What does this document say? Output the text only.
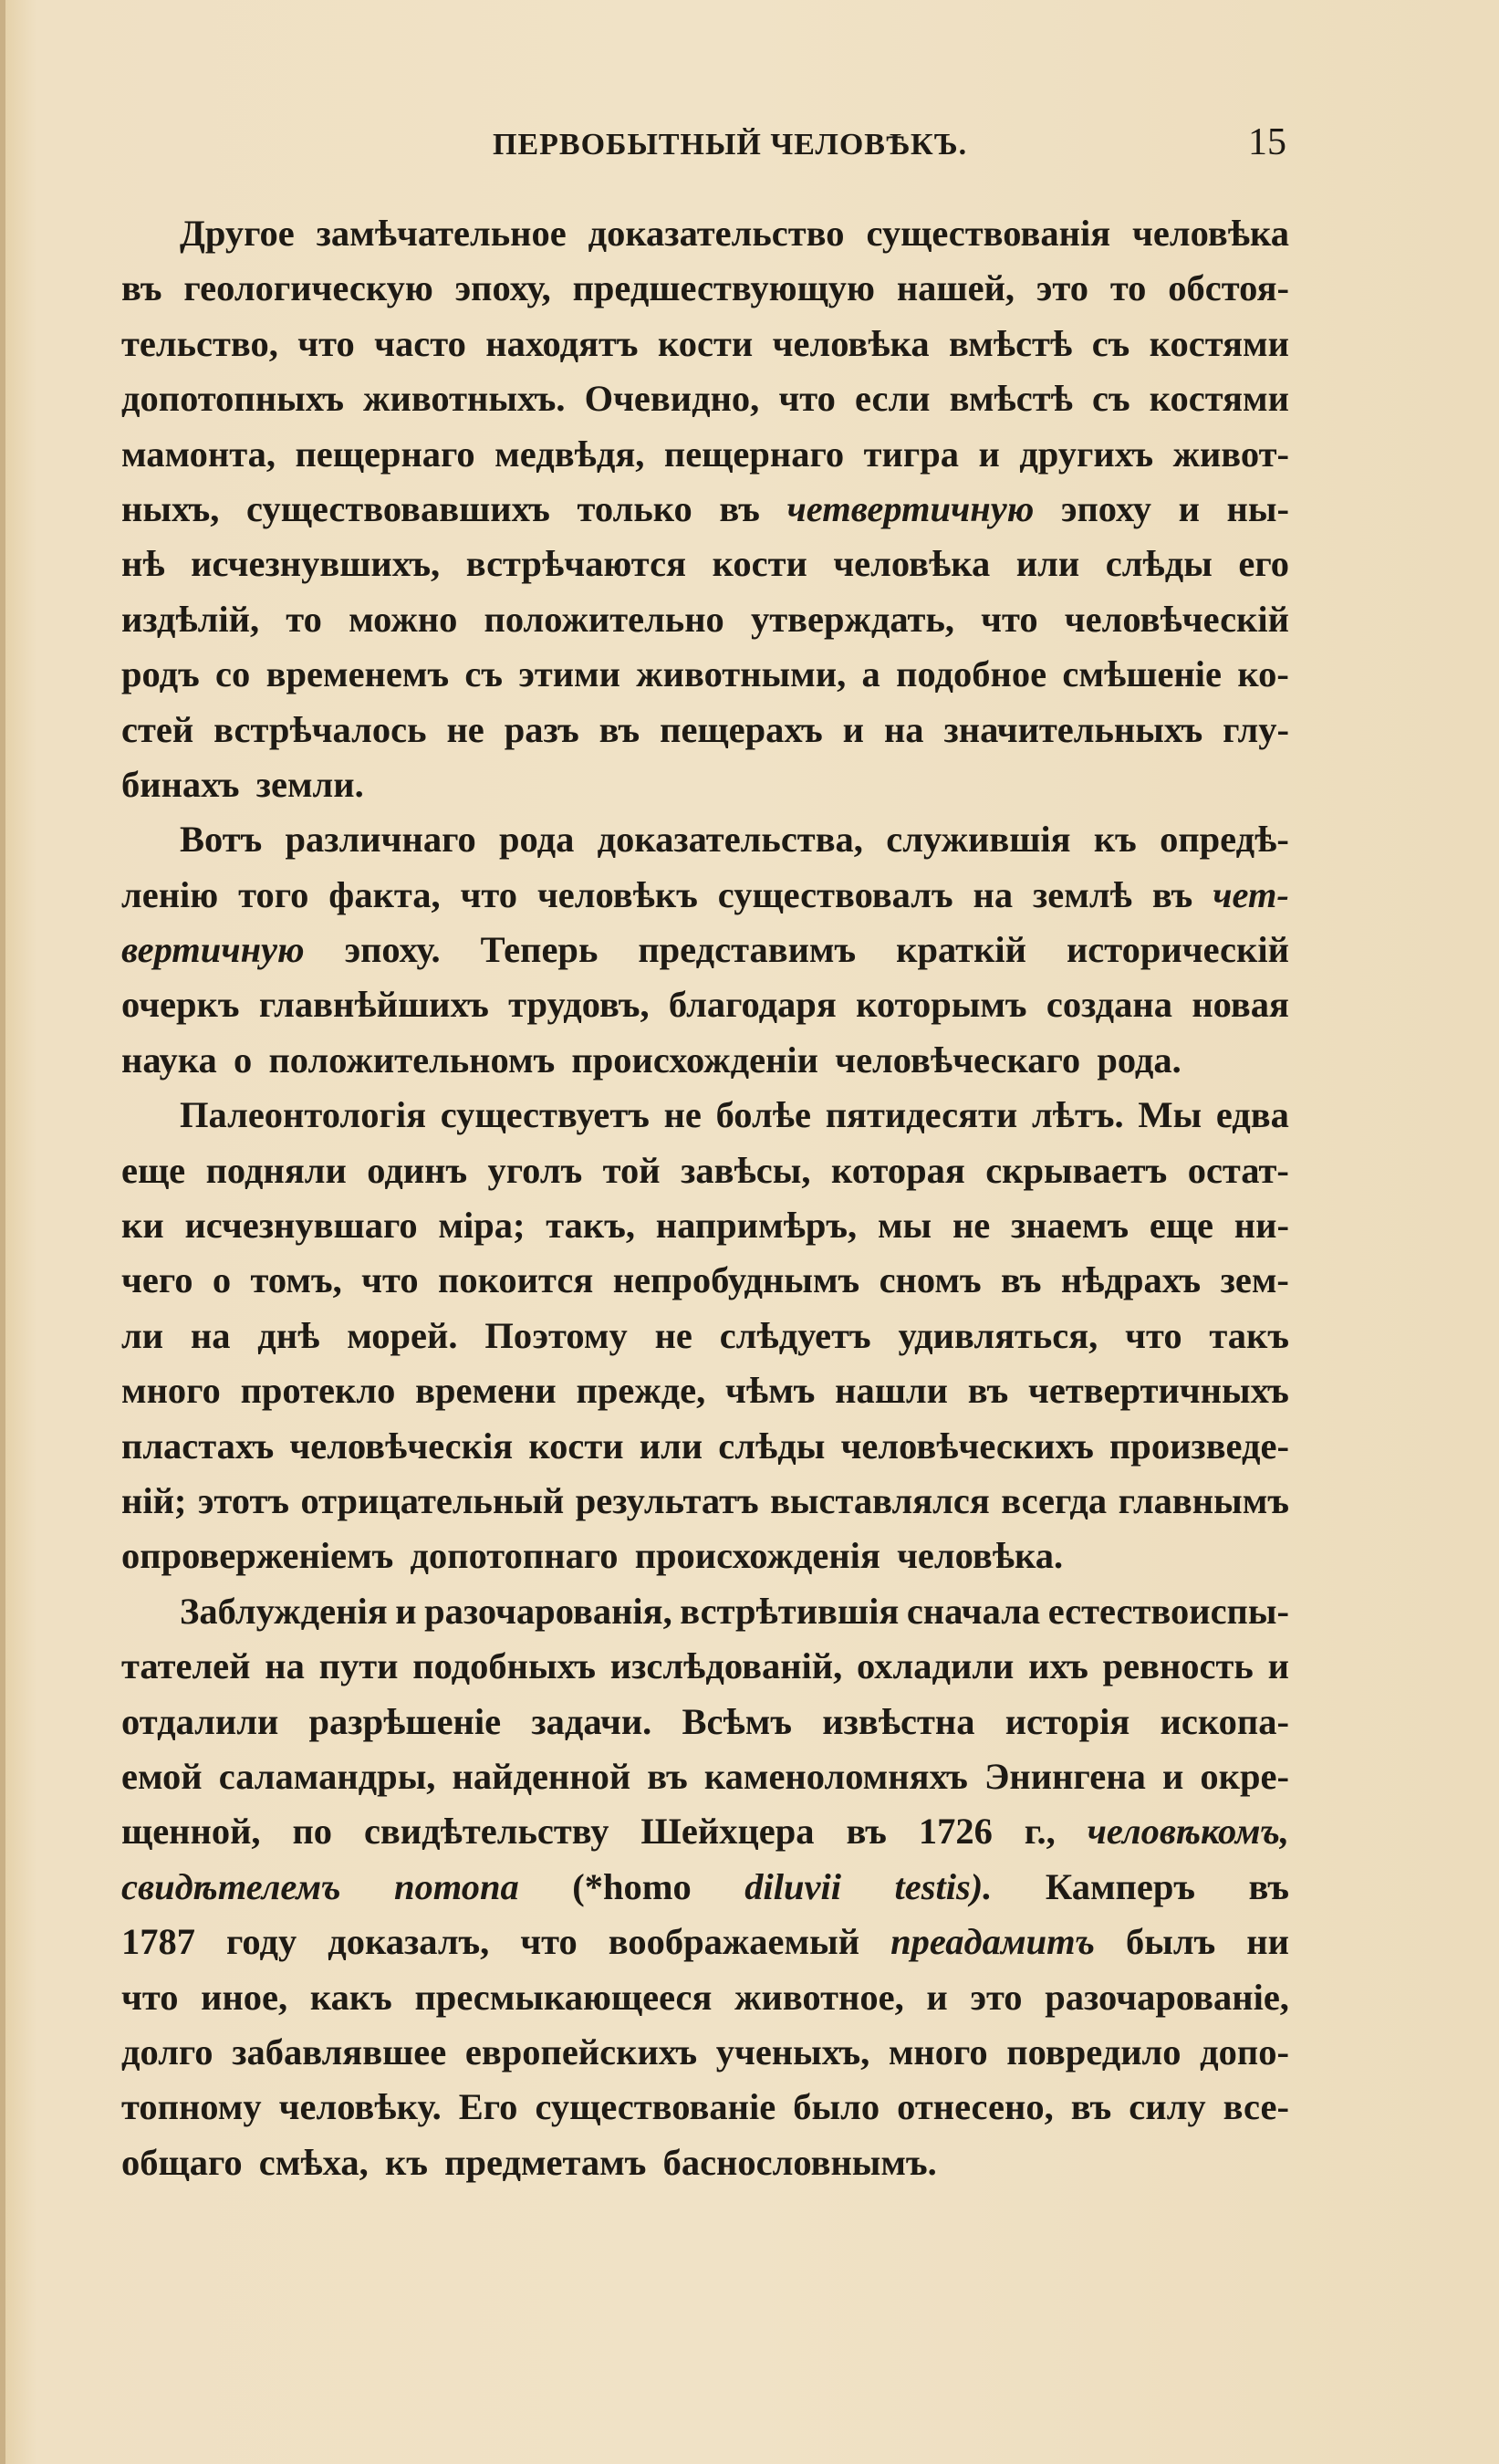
ПЕРВОБЫТНЫЙ ЧЕЛОВѢКЪ.	15
Другое замѣчательное доказательство существованія человѣка
въ геологическую эпоху, предшествующую нашей, это то обстоя-
тельство, что часто находятъ кости человѣка вмѣстѣ съ костями
допотопныхъ животныхъ. Очевидно, что если вмѣстѣ съ костями
мамонта, пещернаго медвѣдя, пещернаго тигра и другихъ живот-
ныхъ, существовавшихъ только въ четвертичную эпоху и ны-
нѣ исчезнувшихъ, встрѣчаются кости человѣка или слѣды его
издѣлій, то можно положительно утверждать, что человѣческій
родъ со временемъ съ этими животными, а подобное смѣшеніе ко-
стей встрѣчалось не разъ въ пещерахъ и на значительныхъ глу-
бинахъ земли.
Вотъ различнаго рода доказательства, служившія къ опредѣ-
ленію того факта, что человѣкъ существовалъ на землѣ въ чет-
вертичную эпоху. Теперь представимъ краткій историческій
очеркъ главнѣйшихъ трудовъ, благодаря которымъ создана новая
наука о положительномъ происхожденіи человѣческаго рода.
Палеонтологія существуетъ не болѣе пятидесяти лѣтъ. Мы едва
еще подняли одинъ уголъ той завѣсы, которая скрываетъ остат-
ки исчезнувшаго міра; такъ, напримѣръ, мы не знаемъ еще ни-
чего о томъ, что покоится непробуднымъ сномъ въ нѣдрахъ зем-
ли на днѣ морей. Поэтому не слѣдуетъ удивляться, что такъ
много протекло времени прежде, чѣмъ нашли въ четвертичныхъ
пластахъ человѣческія кости или слѣды человѣческихъ произведе-
ній; этотъ отрицательный результатъ выставлялся всегда главнымъ
опроверженіемъ допотопнаго происхожденія человѣка.
Заблужденія и разочарованія, встрѣтившія сначала естествоиспы-
тателей на пути подобныхъ изслѣдованій, охладили ихъ ревность и
отдалили разрѣшеніе задачи. Всѣмъ извѣстна исторія ископа-
емой саламандры, найденной въ каменоломняхъ Энингена и окре-
щенной, по свидѣтельству Шейхцера въ 1726 г., человѣкомъ,
свидѣтелемъ потопа (*homo diluvii testis). Камперъ въ
1787 году доказалъ, что воображаемый преадамитъ былъ ни
что иное, какъ пресмыкающееся животное, и это разочарованіе,
долго забавлявшее европейскихъ ученыхъ, много повредило допо-
топному человѣку. Его существованіе было отнесено, въ силу все-
общаго смѣха, къ предметамъ баснословнымъ.
